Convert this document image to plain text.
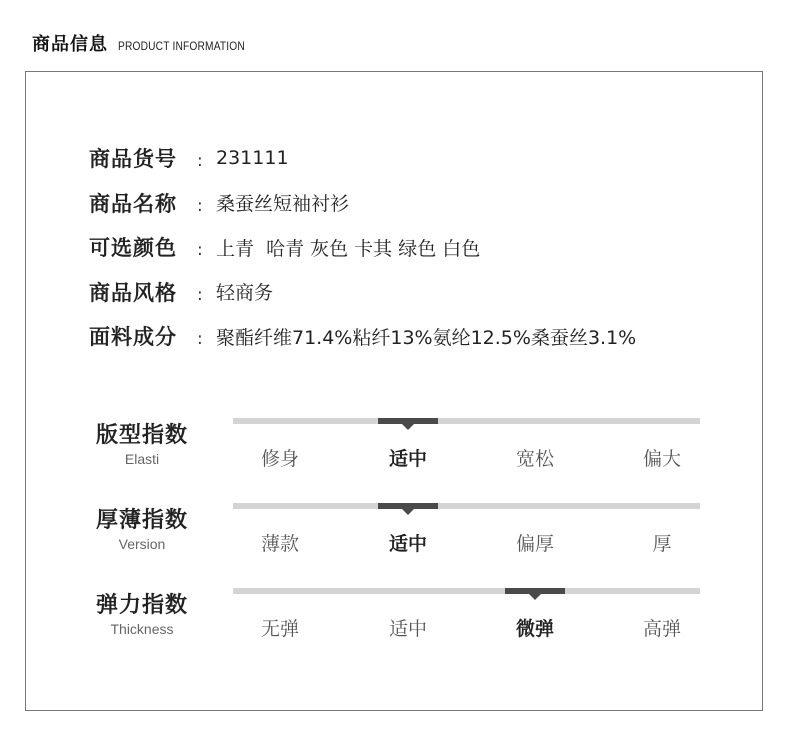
商品信息 PRODUCT INFORMATION
商品货号	: 231111
商品名称	: 桑蚕丝短袖衬衫
可选颜色	: 上青  哈青 灰色 卡其 绿色 白色
商品风格	: 轻商务
面料成分	: 聚酯纤维71.4%粘纤13%氨纶12.5%桑蚕丝3.1%
版型指数
Elasti	修身	适中	宽松	偏大
厚薄指数
Version	薄款	适中	偏厚	厚
弹力指数
Thickness	无弹	适中	微弹	高弹
